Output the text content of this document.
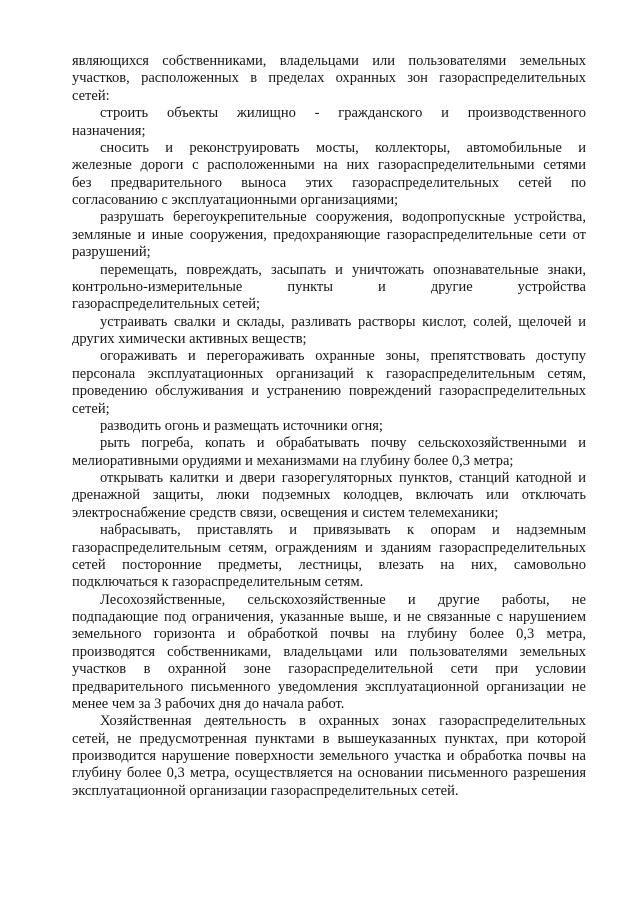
являющихся собственниками, владельцами или пользователями земельных
участков, расположенных в пределах охранных зон газораспределительных
сетей:
строить объекты жилищно - гражданского и производственного
назначения;
сносить и реконструировать мосты, коллекторы, автомобильные и
железные дороги с расположенными на них газораспределительными сетями
без предварительного выноса этих газораспределительных сетей по
согласованию с эксплуатационными организациями;
разрушать берегоукрепительные сооружения, водопропускные устройства,
земляные и иные сооружения, предохраняющие газораспределительные сети от
разрушений;
перемещать, повреждать, засыпать и уничтожать опознавательные знаки,
контрольно-измерительные пункты и другие устройства
газораспределительных сетей;
устраивать свалки и склады, разливать растворы кислот, солей, щелочей и
других химически активных веществ;
огораживать и перегораживать охранные зоны, препятствовать доступу
персонала эксплуатационных организаций к газораспределительным сетям,
проведению обслуживания и устранению повреждений газораспределительных
сетей;
разводить огонь и размещать источники огня;
рыть погреба, копать и обрабатывать почву сельскохозяйственными и
мелиоративными орудиями и механизмами на глубину более 0,3 метра;
открывать калитки и двери газорегуляторных пунктов, станций катодной и
дренажной защиты, люки подземных колодцев, включать или отключать
электроснабжение средств связи, освещения и систем телемеханики;
набрасывать, приставлять и привязывать к опорам и надземным
газораспределительным сетям, ограждениям и зданиям газораспределительных
сетей посторонние предметы, лестницы, влезать на них, самовольно
подключаться к газораспределительным сетям.
Лесохозяйственные, сельскохозяйственные и другие работы, не
подпадающие под ограничения, указанные выше, и не связанные с нарушением
земельного горизонта и обработкой почвы на глубину более 0,3 метра,
производятся собственниками, владельцами или пользователями земельных
участков в охранной зоне газораспределительной сети при условии
предварительного письменного уведомления эксплуатационной организации не
менее чем за 3 рабочих дня до начала работ.
Хозяйственная деятельность в охранных зонах газораспределительных
сетей, не предусмотренная пунктами в вышеуказанных пунктах, при которой
производится нарушение поверхности земельного участка и обработка почвы на
глубину более 0,3 метра, осуществляется на основании письменного разрешения
эксплуатационной организации газораспределительных сетей.
